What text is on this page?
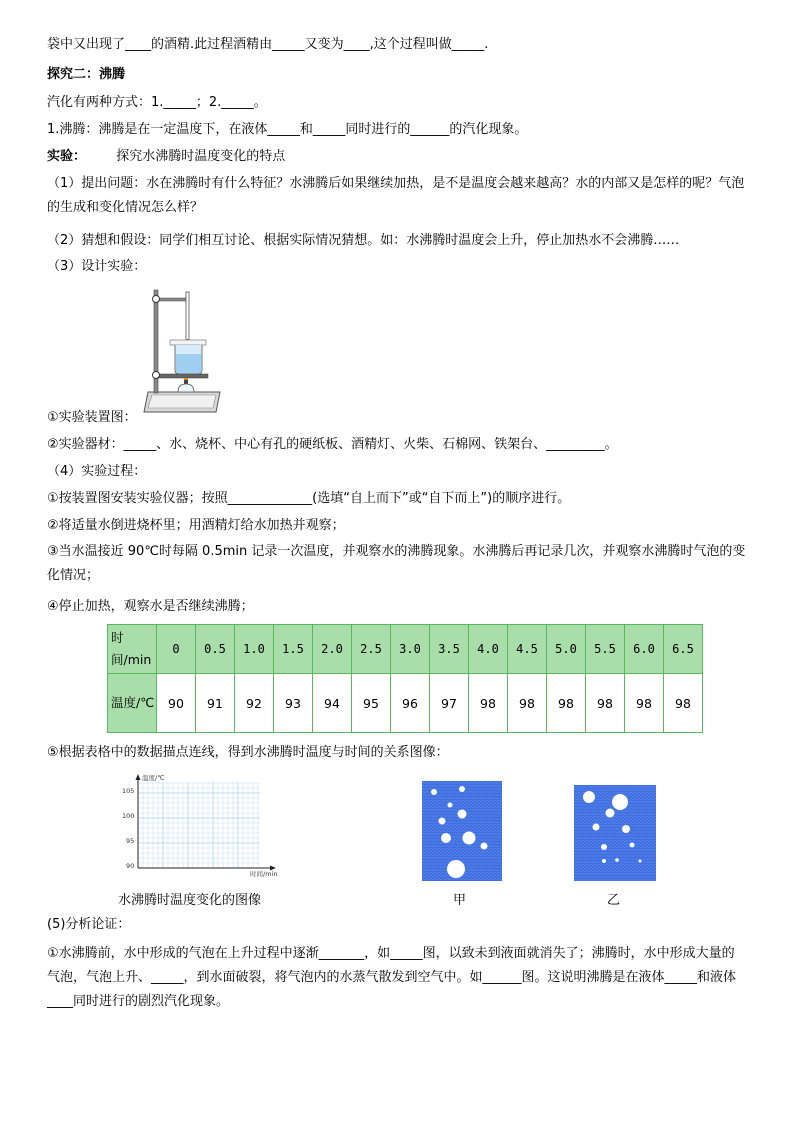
袋中又出现了____的酒精.此过程酒精由_____又变为____,这个过程叫做_____.
探究二：沸腾
汽化有两种方式：1._____；2._____。
1.沸腾：沸腾是在一定温度下，在液体_____和_____同时进行的______的汽化现象。
实验： 探究水沸腾时温度变化的特点
（1）提出问题：水在沸腾时有什么特征？水沸腾后如果继续加热，是不是温度会越来越高？水的内部又是怎样的呢？气泡的生成和变化情况怎么样？
（2）猜想和假设：同学们相互讨论、根据实际情况猜想。如：水沸腾时温度会上升，停止加热水不会沸腾……
（3）设计实验：
①实验装置图：
②实验器材：_____、水、烧杯、中心有孔的硬纸板、酒精灯、火柴、石棉网、铁架台、_________。
（4）实验过程：
①按装置图安装实验仪器；按照_____________(选填“自上而下”或“自下而上”)的顺序进行。
②将适量水倒进烧杯里；用酒精灯给水加热并观察；
③当水温接近 90℃时每隔 0.5min 记录一次温度，并观察水的沸腾现象。水沸腾后再记录几次，并观察水沸腾时气泡的变化情况；
④停止加热，观察水是否继续沸腾；
时间/min	0	0.5	1.0	1.5	2.0	2.5	3.0	3.5	4.0	4.5	5.0	5.5	6.0	6.5
温度/℃	90	91	92	93	94	95	96	97	98	98	98	98	98	98
⑤根据表格中的数据描点连线，得到水沸腾时温度与时间的关系图像：
温度/℃
时间/min
105
100
95
90
水沸腾时温度变化的图像	甲	乙
(5)分析论证：
①水沸腾前，水中形成的气泡在上升过程中逐渐_______，如_____图，以致未到液面就消失了；沸腾时，水中形成大量的气泡，气泡上升、_____，到水面破裂，将气泡内的水蒸气散发到空气中。如______图。这说明沸腾是在液体_____和液体____同时进行的剧烈汽化现象。
